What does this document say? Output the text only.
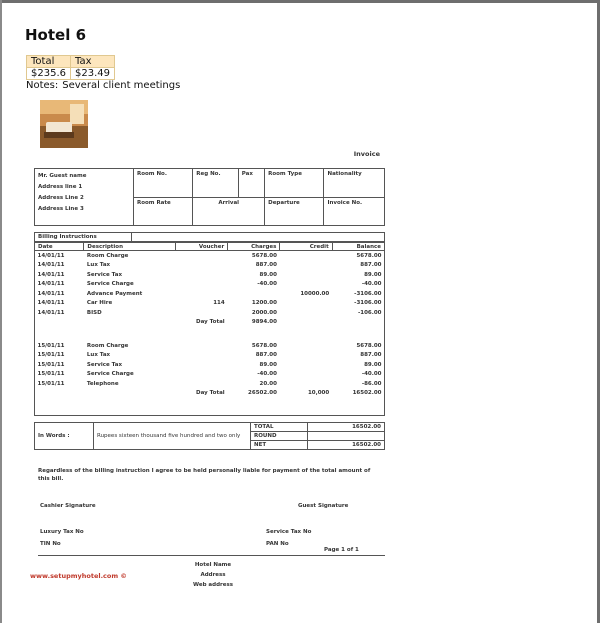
Hotel 6
Total	Tax
$235.6	$23.49
Notes: Several client meetings
Invoice
Mr. Guest name
Address line 1
Address Line 2
Address Line 3	Room No.	Reg No.	Pax	Room Type	Nationality
	Room Rate	Arrival		Departure	Invoice No.
Billing Instructions	
Date	Description	Voucher	Charges	Credit	Balance
14/01/11	Room Charge		5678.00		5678.00
14/01/11	Lux Tax		887.00		887.00
14/01/11	Service Tax		89.00		89.00
14/01/11	Service Charge		-40.00		-40.00
14/01/11	Advance Payment			10000.00	-3106.00
14/01/11	Car Hire	114	1200.00		-3106.00
14/01/11	BISD		2000.00		-106.00
		Day Total	9894.00		

15/01/11	Room Charge		5678.00		5678.00
15/01/11	Lux Tax		887.00		887.00
15/01/11	Service Tax		89.00		89.00
15/01/11	Service Charge		-40.00		-40.00
15/01/11	Telephone		20.00		-86.00
		Day Total	26502.00	10,000	16502.00
In Words :	Rupees sixteen thousand five hundred and two only	TOTAL	16502.00
		ROUND	
		NET	16502.00
Regardless of the billing instruction I agree to be held personally liable for payment of the total amount of this bill.
Cashier Signature	Guest Signature
Luxury Tax No
TIN No
Service Tax No
PAN No
Page 1 of 1
www.setupmyhotel.com ©
Hotel Name
Address
Web address
